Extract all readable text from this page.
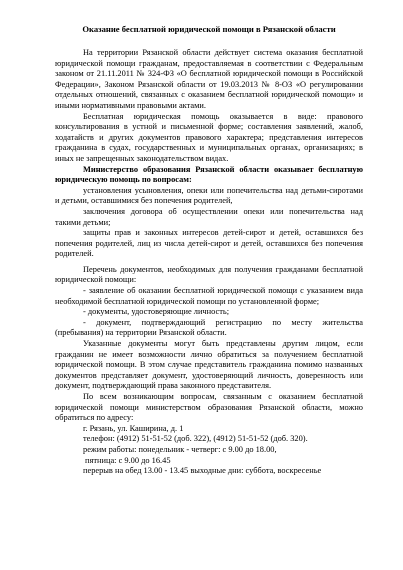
Оказание бесплатной юридической помощи в Рязанской области

На территории Рязанской области действует система оказания бесплатной юридической помощи гражданам, предоставляемая в соответствии с Федеральным законом от 21.11.2011 № 324-ФЗ «О бесплатной юридической помощи в Российской Федерации», Законом Рязанской области от 19.03.2013 № 8-ОЗ «О регулировании отдельных отношений, связанных с оказанием бесплатной юридической помощи» и иными нормативными правовыми актами.

Бесплатная юридическая помощь оказывается в виде: правового консультирования в устной и письменной форме; составления заявлений, жалоб, ходатайств и других документов правового характера; представления интересов гражданина в судах, государственных и муниципальных органах, организациях; в иных не запрещенных законодательством видах.

Министерство образования Рязанской области оказывает бесплатную юридическую помощь по вопросам:

установления усыновления, опеки или попечительства над детьми-сиротами и детьми, оставшимися без попечения родителей,

заключения договора об осуществлении опеки или попечительства над такими детьми;

защиты прав и законных интересов детей-сирот и детей, оставшихся без попечения родителей, лиц из числа детей-сирот и детей, оставшихся без попечения родителей.

Перечень документов, необходимых для получения гражданами бесплатной юридической помощи:

- заявление об оказании бесплатной юридической помощи с указанием вида необходимой бесплатной юридической помощи по установленной форме;

- документы, удостоверяющие личность;

- документ, подтверждающий регистрацию по месту жительства (пребывания) на территории Рязанской области.

Указанные документы могут быть представлены другим лицом, если гражданин не имеет возможности лично обратиться за получением бесплатной юридической помощи. В этом случае представитель гражданина помимо названных документов представляет документ, удостоверяющий личность, доверенность или документ, подтверждающий права законного представителя.

По всем возникающим вопросам, связанным с оказанием бесплатной юридической помощи министерством образования Рязанской области, можно обратиться по адресу:

г. Рязань, ул. Каширина, д. 1

телефон: (4912) 51-51-52 (доб. 322), (4912) 51-51-52 (доб. 320).

режим работы: понедельник - четверг: с 9.00 до 18.00,

пятница: с 9.00 до 16.45

перерыв на обед 13.00 - 13.45 выходные дни: суббота, воскресенье
